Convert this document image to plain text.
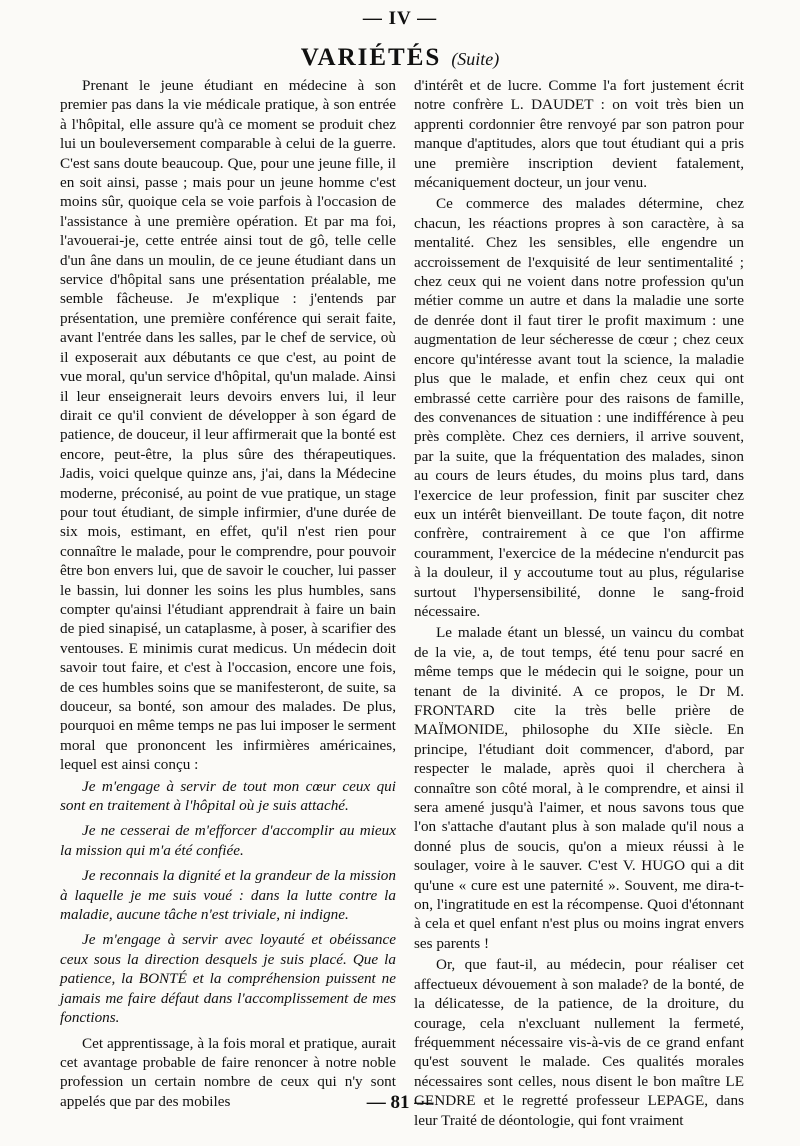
— IV —
VARIÉTÉS (Suite)

Prenant le jeune étudiant en médecine à son premier pas dans la vie médicale pratique, à son entrée à l'hôpital, elle assure qu'à ce moment se produit chez lui un bouleversement comparable à celui de la guerre. C'est sans doute beaucoup. Que, pour une jeune fille, il en soit ainsi, passe ; mais pour un jeune homme c'est moins sûr, quoique cela se voie parfois à l'occasion de l'assistance à une première opération. Et par ma foi, l'avouerai-je, cette entrée ainsi tout de gô, telle celle d'un âne dans un moulin, de ce jeune étudiant dans un service d'hôpital sans une présentation préalable, me semble fâcheuse. Je m'explique : j'entends par présentation, une première conférence qui serait faite, avant l'entrée dans les salles, par le chef de service, où il exposerait aux débutants ce que c'est, au point de vue moral, qu'un service d'hôpital, qu'un malade. Ainsi il leur enseignerait leurs devoirs envers lui, il leur dirait ce qu'il convient de développer à son égard de patience, de douceur, il leur affirmerait que la bonté est encore, peut-être, la plus sûre des thérapeutiques. Jadis, voici quelque quinze ans, j'ai, dans la Médecine moderne, préconisé, au point de vue pratique, un stage pour tout étudiant, de simple infirmier, d'une durée de six mois, estimant, en effet, qu'il n'est rien pour connaître le malade, pour le comprendre, pour pouvoir être bon envers lui, que de savoir le coucher, lui passer le bassin, lui donner les soins les plus humbles, sans compter qu'ainsi l'étudiant apprendrait à faire un bain de pied sinapisé, un cataplasme, à poser, à scarifier des ventouses. E minimis curat medicus. Un médecin doit savoir tout faire, et c'est à l'occasion, encore une fois, de ces humbles soins que se manifesteront, de suite, sa douceur, sa bonté, son amour des malades. De plus, pourquoi en même temps ne pas lui imposer le serment moral que prononcent les infirmières américaines, lequel est ainsi conçu :

Je m'engage à servir de tout mon cœur ceux qui sont en traitement à l'hôpital où je suis attaché.

Je ne cesserai de m'efforcer d'accomplir au mieux la mission qui m'a été confiée.

Je reconnais la dignité et la grandeur de la mission à laquelle je me suis voué : dans la lutte contre la maladie, aucune tâche n'est triviale, ni indigne.

Je m'engage à servir avec loyauté et obéissance ceux sous la direction desquels je suis placé. Que la patience, la BONTÉ et la compréhension puissent ne jamais me faire défaut dans l'accomplissement de mes fonctions.

Cet apprentissage, à la fois moral et pratique, aurait cet avantage probable de faire renoncer à notre noble profession un certain nombre de ceux qui n'y sont appelés que par des mobiles

d'intérêt et de lucre. Comme l'a fort justement écrit notre confrère L. DAUDET : on voit très bien un apprenti cordonnier être renvoyé par son patron pour manque d'aptitudes, alors que tout étudiant qui a pris une première inscription devient fatalement, mécaniquement docteur, un jour venu.

Ce commerce des malades détermine, chez chacun, les réactions propres à son caractère, à sa mentalité. Chez les sensibles, elle engendre un accroissement de l'exquisité de leur sentimentalité ; chez ceux qui ne voient dans notre profession qu'un métier comme un autre et dans la maladie une sorte de denrée dont il faut tirer le profit maximum : une augmentation de leur sécheresse de cœur ; chez ceux encore qu'intéresse avant tout la science, la maladie plus que le malade, et enfin chez ceux qui ont embrassé cette carrière pour des raisons de famille, des convenances de situation : une indifférence à peu près complète. Chez ces derniers, il arrive souvent, par la suite, que la fréquentation des malades, sinon au cours de leurs études, du moins plus tard, dans l'exercice de leur profession, finit par susciter chez eux un intérêt bienveillant. De toute façon, dit notre confrère, contrairement à ce que l'on affirme couramment, l'exercice de la médecine n'endurcit pas à la douleur, il y accoutume tout au plus, régularise surtout l'hypersensibilité, donne le sang-froid nécessaire.

Le malade étant un blessé, un vaincu du combat de la vie, a, de tout temps, été tenu pour sacré en même temps que le médecin qui le soigne, pour un tenant de la divinité. A ce propos, le Dr M. FRONTARD cite la très belle prière de MAÏMONIDE, philosophe du XIIe siècle. En principe, l'étudiant doit commencer, d'abord, par respecter le malade, après quoi il cherchera à connaître son côté moral, à le comprendre, et ainsi il sera amené jusqu'à l'aimer, et nous savons tous que l'on s'attache d'autant plus à son malade qu'il nous a donné plus de soucis, qu'on a mieux réussi à le soulager, voire à le sauver. C'est V. HUGO qui a dit qu'une « cure est une paternité ». Souvent, me dira-t-on, l'ingratitude en est la récompense. Quoi d'étonnant à cela et quel enfant n'est plus ou moins ingrat envers ses parents !

Or, que faut-il, au médecin, pour réaliser cet affectueux dévouement à son malade? de la bonté, de la délicatesse, de la patience, de la droiture, du courage, cela n'excluant nullement la fermeté, fréquemment nécessaire vis-à-vis de ce grand enfant qu'est souvent le malade. Ces qualités morales nécessaires sont celles, nous disent le bon maître LE GENDRE et le regretté professeur LEPAGE, dans leur Traité de déontologie, qui font vraiment

— 81 —
